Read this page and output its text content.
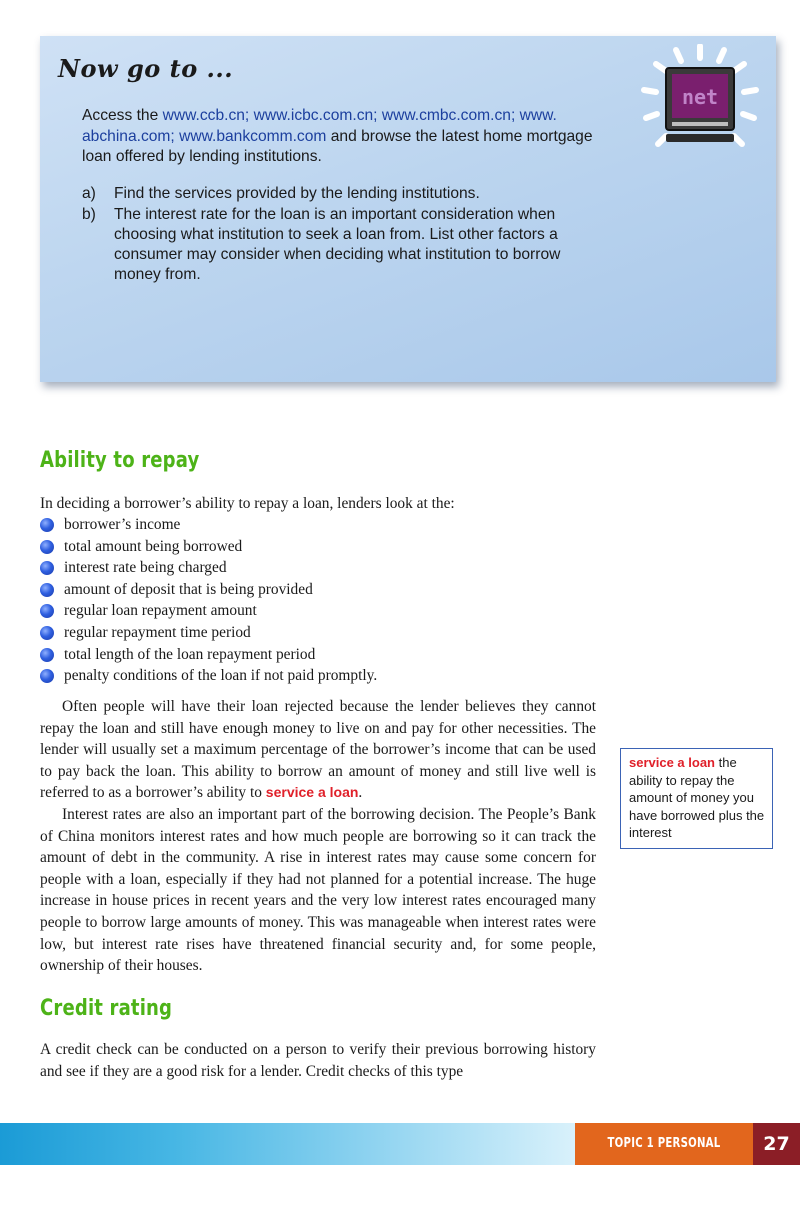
Now go to ...
net
Access the www.ccb.cn; www.icbc.com.cn; www.cmbc.com.cn; www.
abchina.com; www.bankcomm.com and browse the latest home mortgage loan offered by lending institutions.
a) Find the services provided by the lending institutions.
b) The interest rate for the loan is an important consideration when choosing what institution to seek a loan from. List other factors a consumer may consider when deciding what institution to borrow money from.
Ability to repay
In deciding a borrower’s ability to repay a loan, lenders look at the:
borrower’s income
total amount being borrowed
interest rate being charged
amount of deposit that is being provided
regular loan repayment amount
regular repayment time period
total length of the loan repayment period
penalty conditions of the loan if not paid promptly.
Often people will have their loan rejected because the lender believes they cannot repay the loan and still have enough money to live on and pay for other necessities. The lender will usually set a maximum percentage of the borrower’s income that can be used to pay back the loan. This ability to borrow an amount of money and still live well is referred to as a borrower’s ability to service a loan.
Interest rates are also an important part of the borrowing decision. The People’s Bank of China monitors interest rates and how much people are borrowing so it can track the amount of debt in the community. A rise in interest rates may cause some concern for people with a loan, especially if they had not planned for a potential increase. The huge increase in house prices in recent years and the very low interest rates encouraged many people to borrow large amounts of money. This was manageable when interest rates were low, but interest rate rises have threatened financial security and, for some people, ownership of their houses.
service a loan the ability to repay the amount of money you have borrowed plus the interest
Credit rating
A credit check can be conducted on a person to verify their previous borrowing history and see if they are a good risk for a lender. Credit checks of this type
TOPIC 1 PERSONAL FINANCE
27
